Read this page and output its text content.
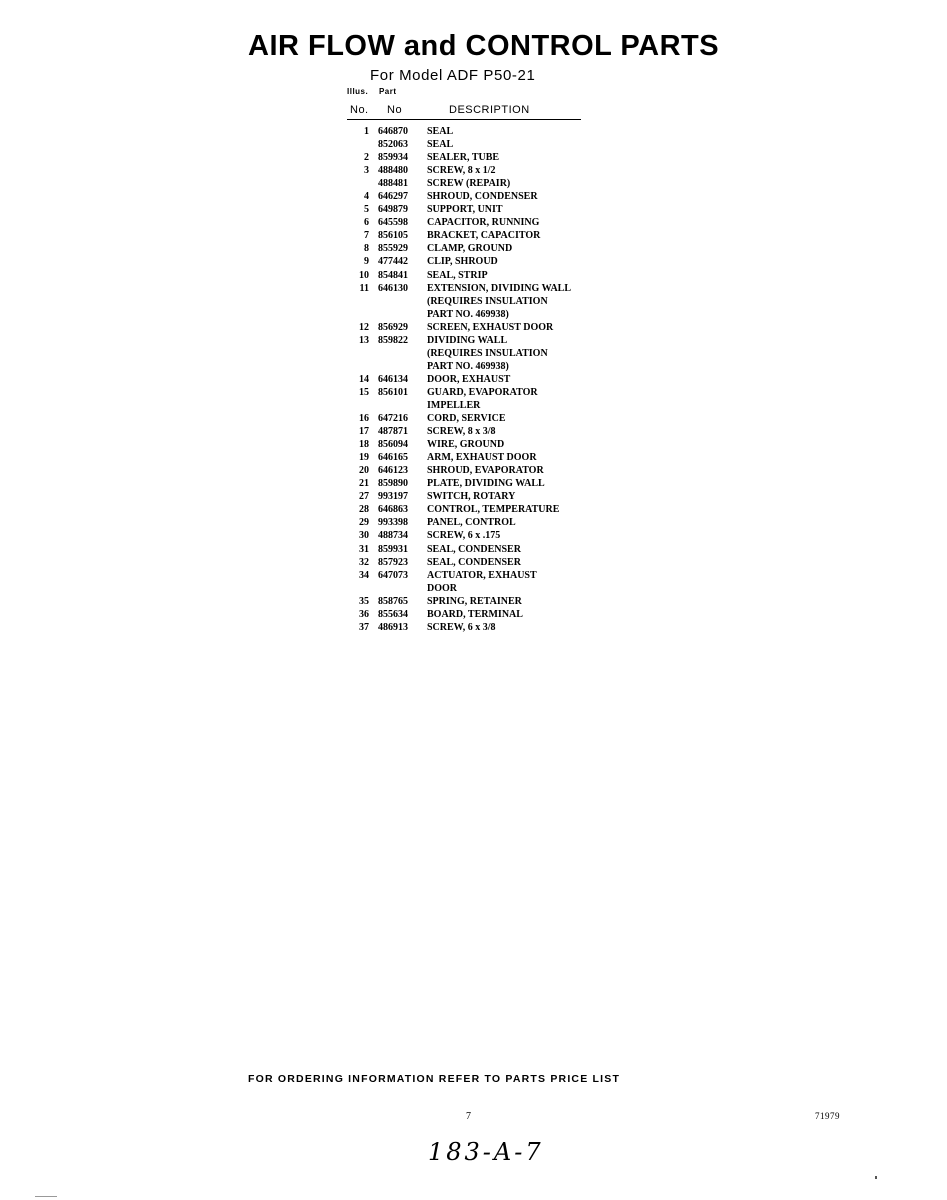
AIR FLOW and CONTROL PARTS
For Model ADF P50-21
Illus. Part
No. No	DESCRIPTION
1 646870 SEAL
852063 SEAL
2 859934 SEALER, TUBE
3 488480 SCREW, 8 x 1/2
488481 SCREW (REPAIR)
4 646297 SHROUD, CONDENSER
5 649879 SUPPORT, UNIT
6 645598 CAPACITOR, RUNNING
7 856105 BRACKET, CAPACITOR
8 855929 CLAMP, GROUND
9 477442 CLIP, SHROUD
10 854841 SEAL, STRIP
11 646130 EXTENSION, DIVIDING WALL
(REQUIRES INSULATION
PART NO. 469938)
12 856929 SCREEN, EXHAUST DOOR
13 859822 DIVIDING WALL
(REQUIRES INSULATION
PART NO. 469938)
14 646134 DOOR, EXHAUST
15 856101 GUARD, EVAPORATOR
IMPELLER
16 647216 CORD, SERVICE
17 487871 SCREW, 8 x 3/8
18 856094 WIRE, GROUND
19 646165 ARM, EXHAUST DOOR
20 646123 SHROUD, EVAPORATOR
21 859890 PLATE, DIVIDING WALL
27 993197 SWITCH, ROTARY
28 646863 CONTROL, TEMPERATURE
29 993398 PANEL, CONTROL
30 488734 SCREW, 6 x .175
31 859931 SEAL, CONDENSER
32 857923 SEAL, CONDENSER
34 647073 ACTUATOR, EXHAUST
DOOR
35 858765 SPRING, RETAINER
36 855634 BOARD, TERMINAL
37 486913 SCREW, 6 x 3/8
FOR ORDERING INFORMATION REFER TO PARTS PRICE LIST
7	71979
183-A-7
